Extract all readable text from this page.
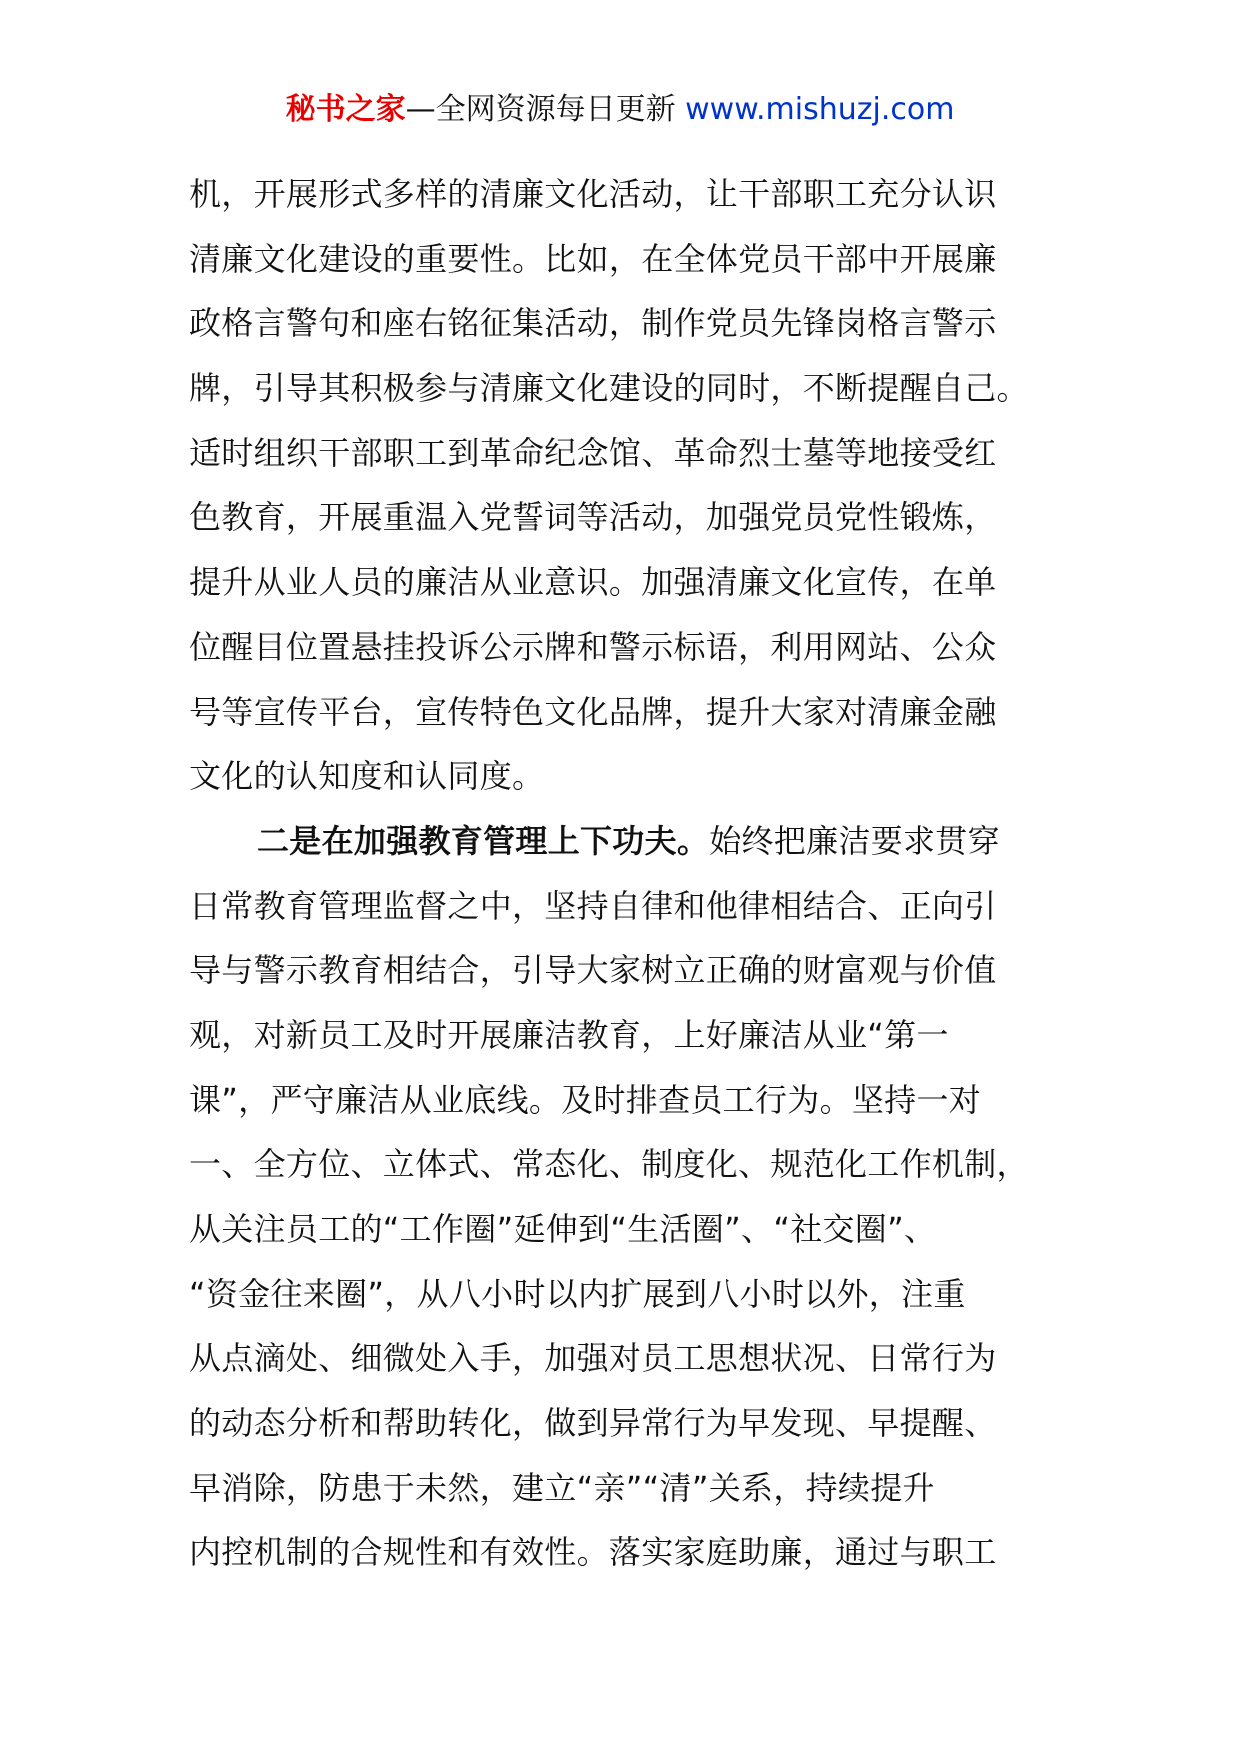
秘书之家—全网资源每日更新 www.mishuzj.com
机，开展形式多样的清廉文化活动，让干部职工充分认识
清廉文化建设的重要性。比如，在全体党员干部中开展廉
政格言警句和座右铭征集活动，制作党员先锋岗格言警示
牌，引导其积极参与清廉文化建设的同时，不断提醒自己。
适时组织干部职工到革命纪念馆、革命烈士墓等地接受红
色教育，开展重温入党誓词等活动，加强党员党性锻炼，
提升从业人员的廉洁从业意识。加强清廉文化宣传，在单
位醒目位置悬挂投诉公示牌和警示标语，利用网站、公众
号等宣传平台，宣传特色文化品牌，提升大家对清廉金融
文化的认知度和认同度。
二是在加强教育管理上下功夫。始终把廉洁要求贯穿
日常教育管理监督之中，坚持自律和他律相结合、正向引
导与警示教育相结合，引导大家树立正确的财富观与价值
观，对新员工及时开展廉洁教育，上好廉洁从业“第一
课”，严守廉洁从业底线。及时排查员工行为。坚持一对
一、全方位、立体式、常态化、制度化、规范化工作机制，
从关注员工的“工作圈”延伸到“生活圈”、“社交圈”、
“资金往来圈”，从八小时以内扩展到八小时以外，注重
从点滴处、细微处入手，加强对员工思想状况、日常行为
的动态分析和帮助转化，做到异常行为早发现、早提醒、
早消除，防患于未然，建立“亲”“清”关系，持续提升
内控机制的合规性和有效性。落实家庭助廉，通过与职工
